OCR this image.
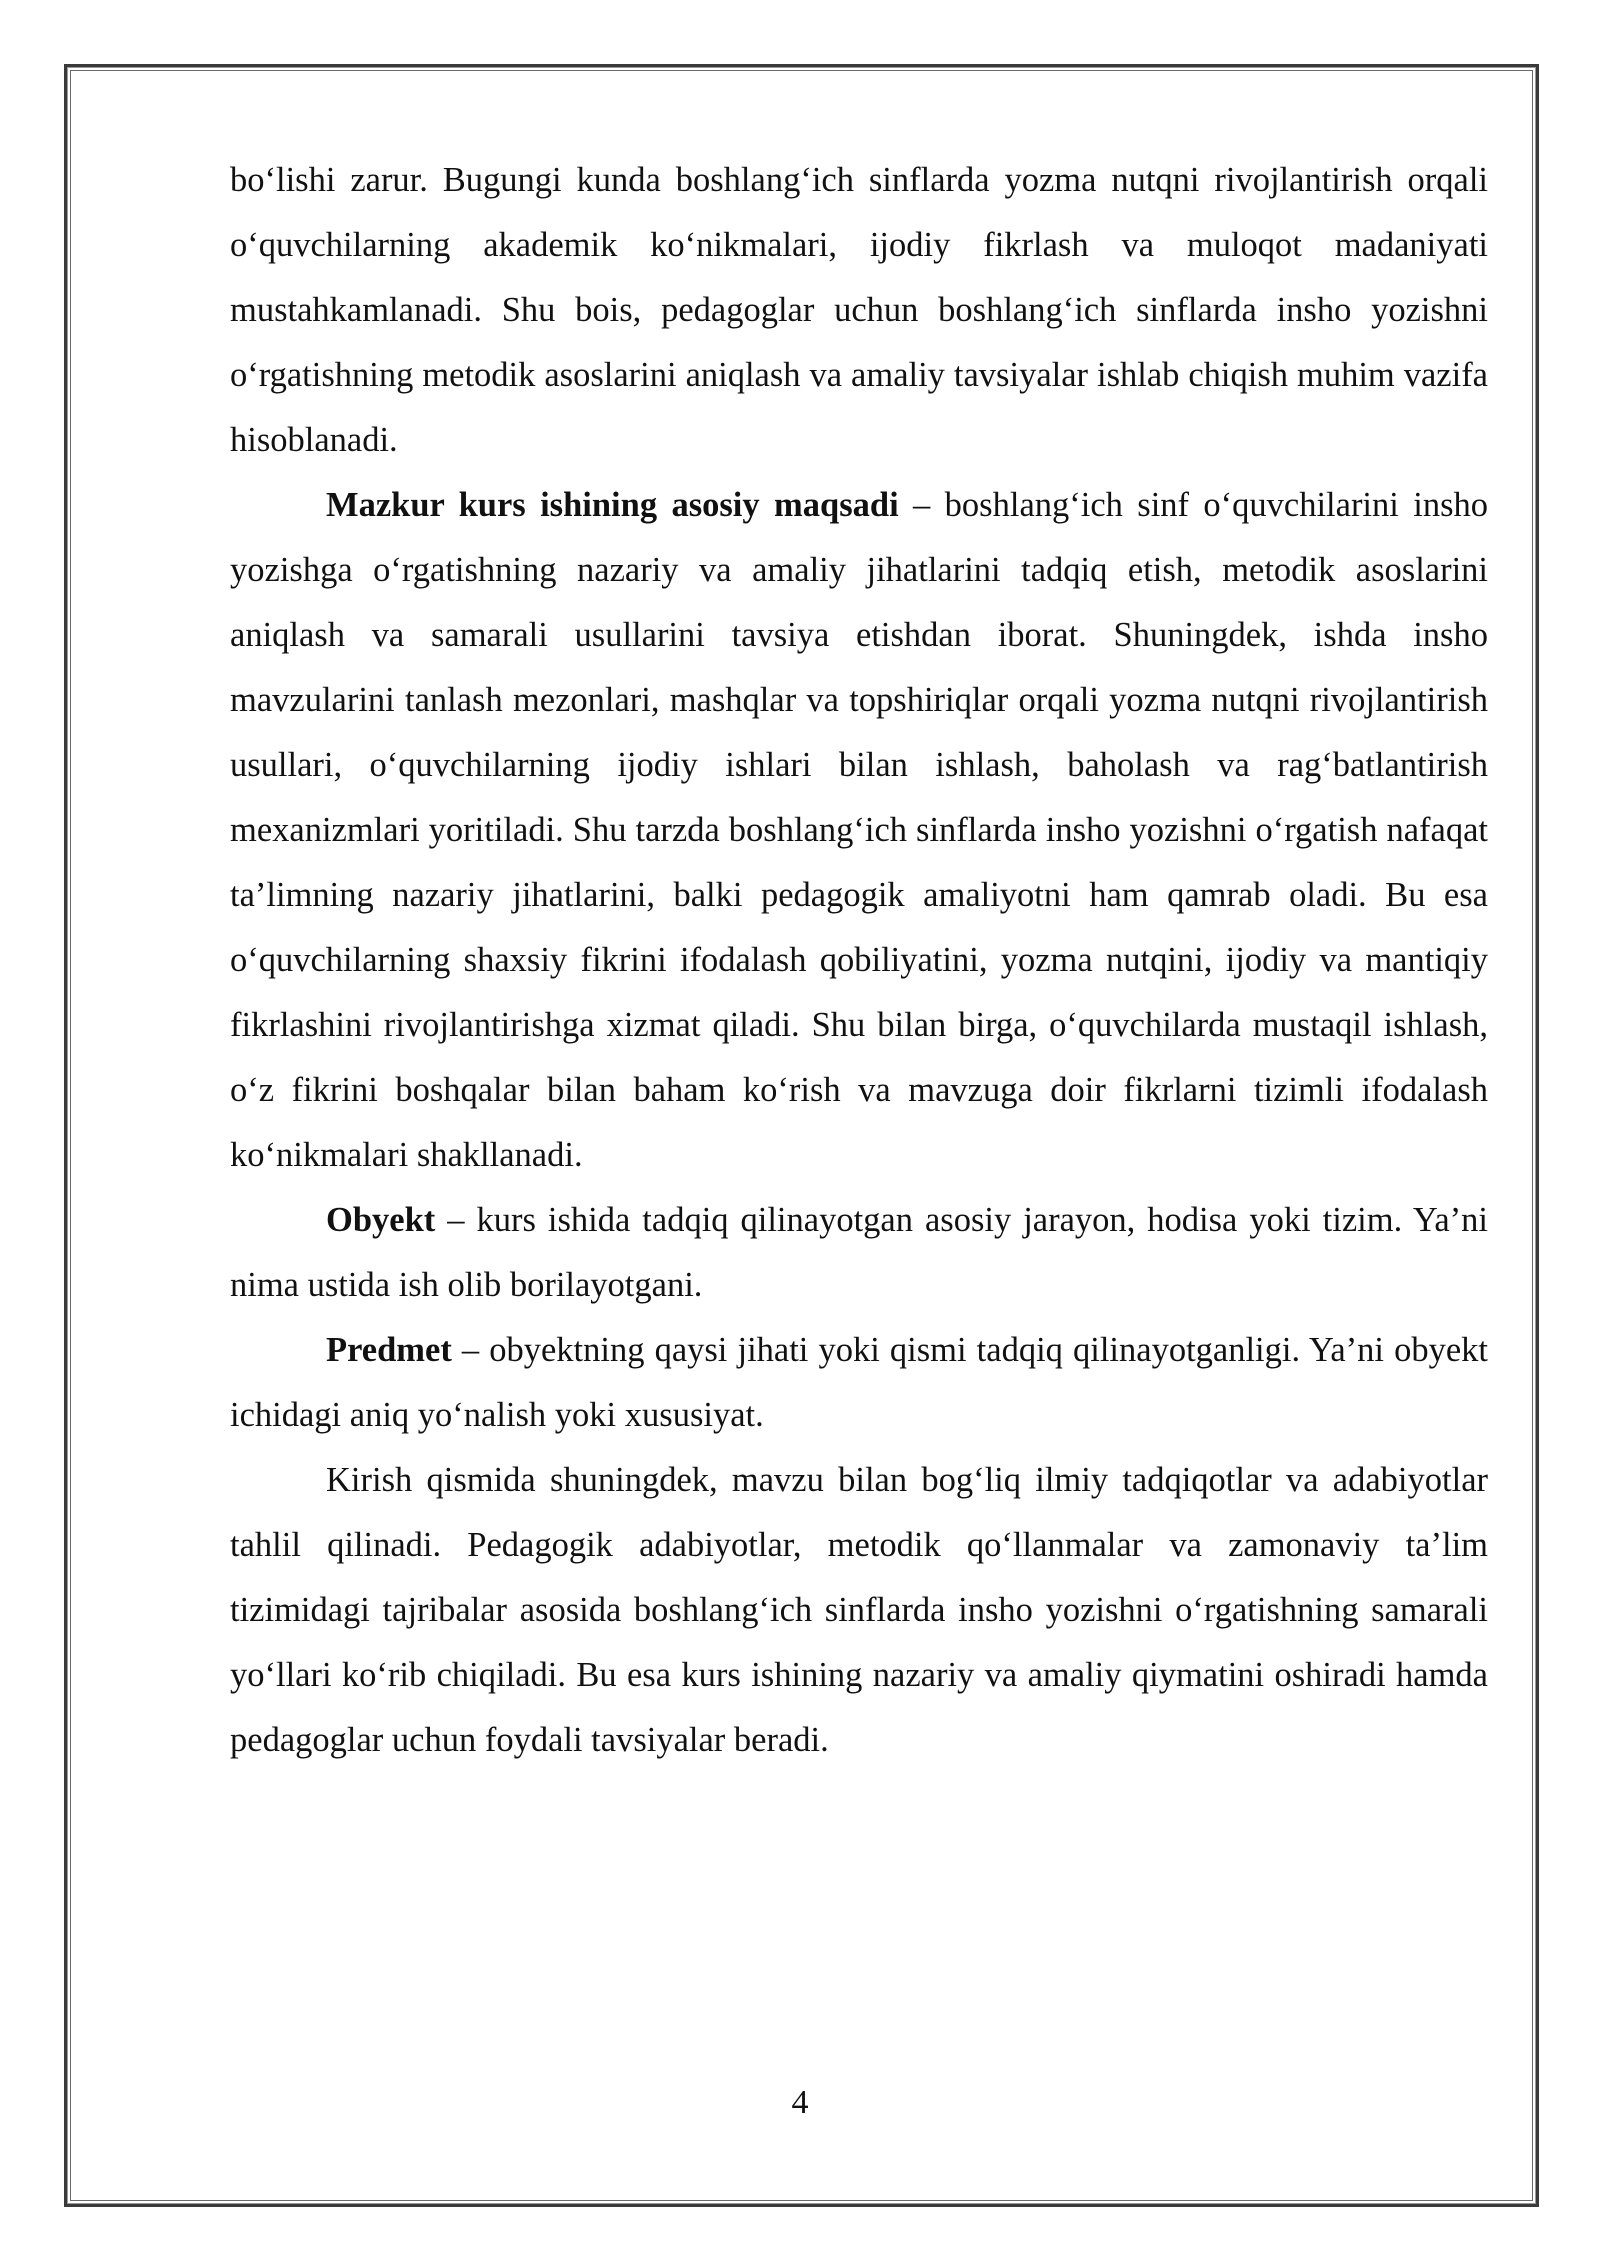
bo‘lishi zarur. Bugungi kunda boshlang‘ich sinflarda yozma nutqni rivojlantirish orqali o‘quvchilarning akademik ko‘nikmalari, ijodiy fikrlash va muloqot madaniyati mustahkamlanadi. Shu bois, pedagoglar uchun boshlang‘ich sinflarda insho yozishni o‘rgatishning metodik asoslarini aniqlash va amaliy tavsiyalar ishlab chiqish muhim vazifa hisoblanadi.

Mazkur kurs ishining asosiy maqsadi – boshlang‘ich sinf o‘quvchilarini insho yozishga o‘rgatishning nazariy va amaliy jihatlarini tadqiq etish, metodik asoslarini aniqlash va samarali usullarini tavsiya etishdan iborat. Shuningdek, ishda insho mavzularini tanlash mezonlari, mashqlar va topshiriqlar orqali yozma nutqni rivojlantirish usullari, o‘quvchilarning ijodiy ishlari bilan ishlash, baholash va rag‘batlantirish mexanizmlari yoritiladi. Shu tarzda boshlang‘ich sinflarda insho yozishni o‘rgatish nafaqat ta’limning nazariy jihatlarini, balki pedagogik amaliyotni ham qamrab oladi. Bu esa o‘quvchilarning shaxsiy fikrini ifodalash qobiliyatini, yozma nutqini, ijodiy va mantiqiy fikrlashini rivojlantirishga xizmat qiladi. Shu bilan birga, o‘quvchilarda mustaqil ishlash, o‘z fikrini boshqalar bilan baham ko‘rish va mavzuga doir fikrlarni tizimli ifodalash ko‘nikmalari shakllanadi.

Obyekt – kurs ishida tadqiq qilinayotgan asosiy jarayon, hodisa yoki tizim. Ya’ni nima ustida ish olib borilayotgani.

Predmet – obyektning qaysi jihati yoki qismi tadqiq qilinayotganligi. Ya’ni obyekt ichidagi aniq yo‘nalish yoki xususiyat.

Kirish qismida shuningdek, mavzu bilan bog‘liq ilmiy tadqiqotlar va adabiyotlar tahlil qilinadi. Pedagogik adabiyotlar, metodik qo‘llanmalar va zamonaviy ta’lim tizimidagi tajribalar asosida boshlang‘ich sinflarda insho yozishni o‘rgatishning samarali yo‘llari ko‘rib chiqiladi. Bu esa kurs ishining nazariy va amaliy qiymatini oshiradi hamda pedagoglar uchun foydali tavsiyalar beradi.

4
